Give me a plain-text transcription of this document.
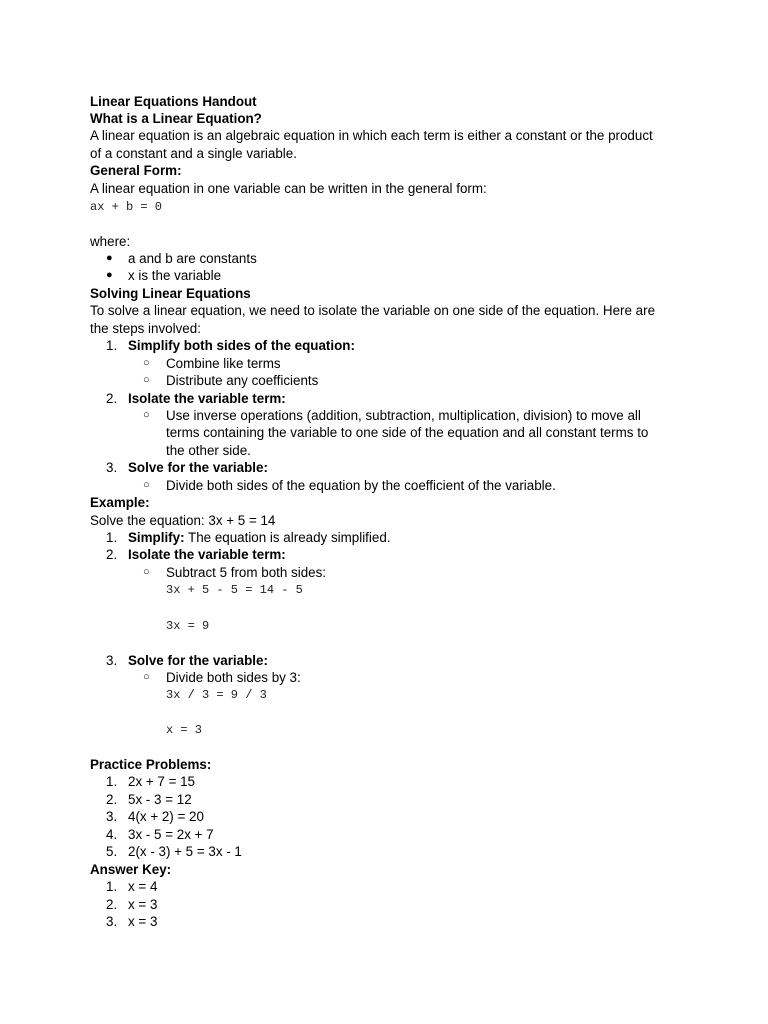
Linear Equations Handout
What is a Linear Equation?
A linear equation is an algebraic equation in which each term is either a constant or the product
of a constant and a single variable.
General Form:
A linear equation in one variable can be written in the general form:
ax + b = 0
where:
● a and b are constants
● x is the variable
Solving Linear Equations
To solve a linear equation, we need to isolate the variable on one side of the equation. Here are
the steps involved:
1. Simplify both sides of the equation:
○ Combine like terms
○ Distribute any coefficients
2. Isolate the variable term:
○ Use inverse operations (addition, subtraction, multiplication, division) to move all
terms containing the variable to one side of the equation and all constant terms to
the other side.
3. Solve for the variable:
○ Divide both sides of the equation by the coefficient of the variable.
Example:
Solve the equation: 3x + 5 = 14
1. Simplify: The equation is already simplified.
2. Isolate the variable term:
○ Subtract 5 from both sides:
3x + 5 - 5 = 14 - 5
3x = 9
3. Solve for the variable:
○ Divide both sides by 3:
3x / 3 = 9 / 3
x = 3
Practice Problems:
1. 2x + 7 = 15
2. 5x - 3 = 12
3. 4(x + 2) = 20
4. 3x - 5 = 2x + 7
5. 2(x - 3) + 5 = 3x - 1
Answer Key:
1. x = 4
2. x = 3
3. x = 3
